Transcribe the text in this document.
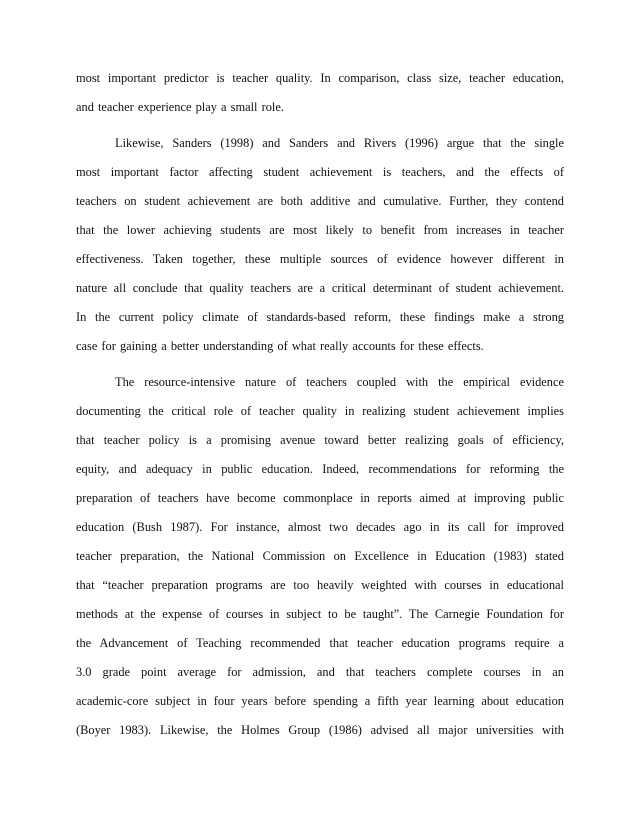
most important predictor is teacher quality. In comparison, class size, teacher education,
and teacher experience play a small role.
Likewise, Sanders (1998) and Sanders and Rivers (1996) argue that the single
most important factor affecting student achievement is teachers, and the effects of
teachers on student achievement are both additive and cumulative. Further, they contend
that the lower achieving students are most likely to benefit from increases in teacher
effectiveness. Taken together, these multiple sources of evidence however different in
nature all conclude that quality teachers are a critical determinant of student achievement.
In the current policy climate of standards-based reform, these findings make a strong
case for gaining a better understanding of what really accounts for these effects.
The resource-intensive nature of teachers coupled with the empirical evidence
documenting the critical role of teacher quality in realizing student achievement implies
that teacher policy is a promising avenue toward better realizing goals of efficiency,
equity, and adequacy in public education. Indeed, recommendations for reforming the
preparation of teachers have become commonplace in reports aimed at improving public
education (Bush 1987). For instance, almost two decades ago in its call for improved
teacher preparation, the National Commission on Excellence in Education (1983) stated
that “teacher preparation programs are too heavily weighted with courses in educational
methods at the expense of courses in subject to be taught”. The Carnegie Foundation for
the Advancement of Teaching recommended that teacher education programs require a
3.0 grade point average for admission, and that teachers complete courses in an
academic-core subject in four years before spending a fifth year learning about education
(Boyer 1983). Likewise, the Holmes Group (1986) advised all major universities with
